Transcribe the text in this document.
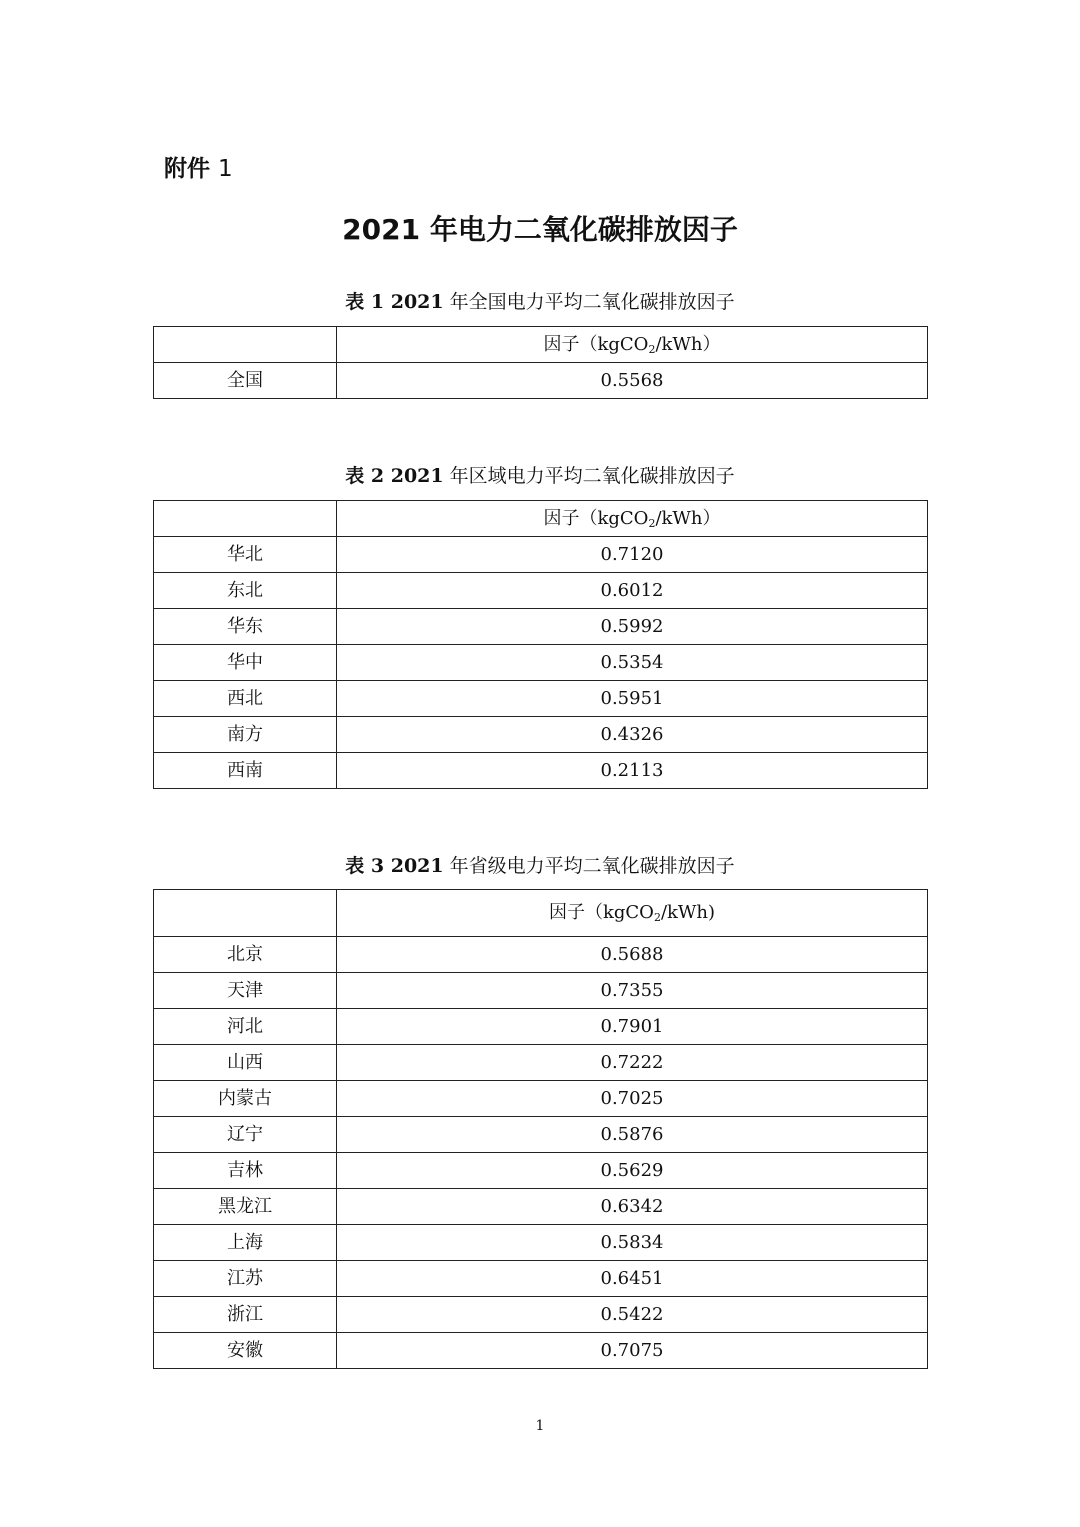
附件 1
2021 年电力二氧化碳排放因子
表 1 2021 年全国电力平均二氧化碳排放因子
	因子（kgCO$_2$/kWh）
全国	0.5568
表 2 2021 年区域电力平均二氧化碳排放因子
	因子（kgCO$_2$/kWh）
华北	0.7120
东北	0.6012
华东	0.5992
华中	0.5354
西北	0.5951
南方	0.4326
西南	0.2113
表 3 2021 年省级电力平均二氧化碳排放因子
	因子（kgCO$_2$/kWh)
北京	0.5688
天津	0.7355
河北	0.7901
山西	0.7222
内蒙古	0.7025
辽宁	0.5876
吉林	0.5629
黑龙江	0.6342
上海	0.5834
江苏	0.6451
浙江	0.5422
安徽	0.7075
1
